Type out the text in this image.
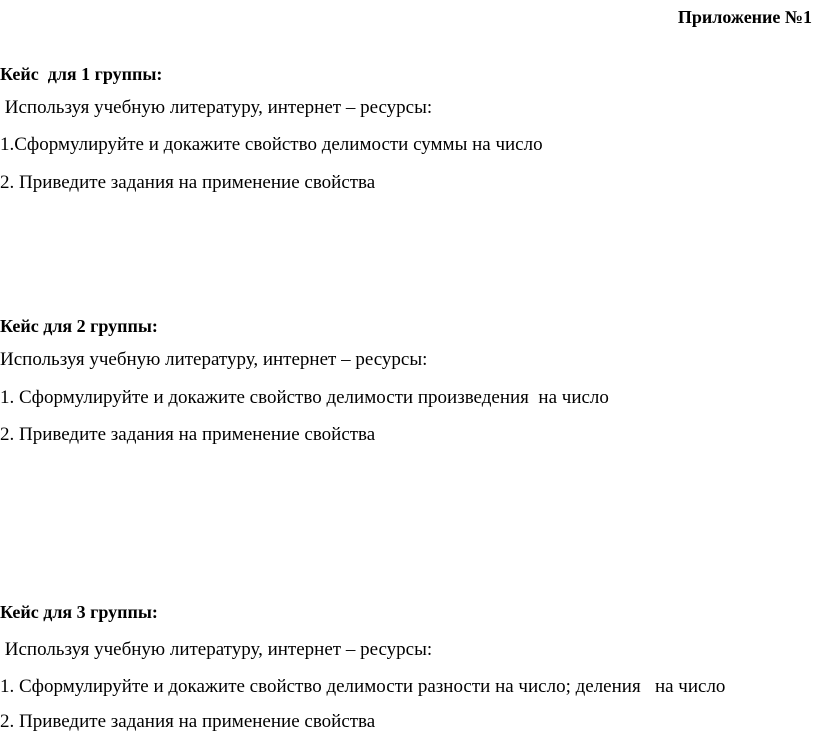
Приложение №1
Кейс  для 1 группы:
Используя учебную литературу, интернет – ресурсы:
1.Сформулируйте и докажите свойство делимости суммы на число
2. Приведите задания на применение свойства
Кейс для 2 группы:
Используя учебную литературу, интернет – ресурсы:
1. Сформулируйте и докажите свойство делимости произведения  на число
2. Приведите задания на применение свойства
Кейс для 3 группы:
Используя учебную литературу, интернет – ресурсы:
1. Сформулируйте и докажите свойство делимости разности на число; деления   на число
2. Приведите задания на применение свойства
